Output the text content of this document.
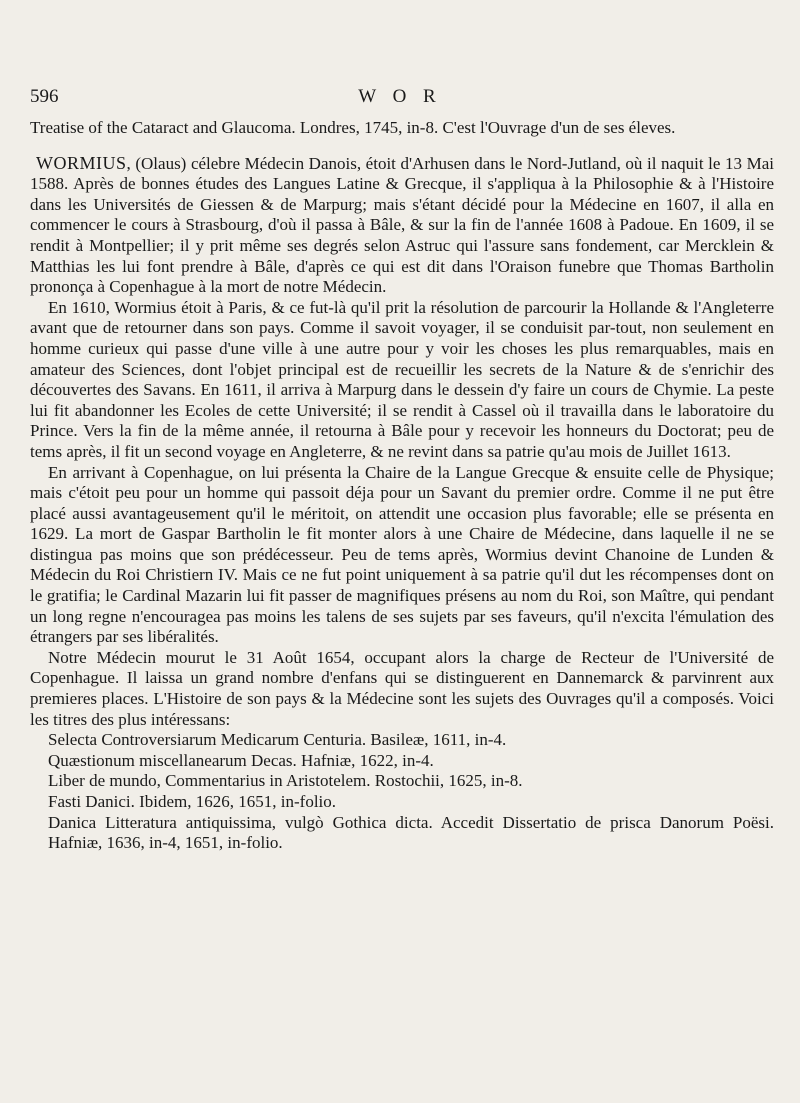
596	W O R

Treatise of the Cataract and Glaucoma. Londres, 1745, in-8. C'est l'Ouvrage d'un de ses éleves.

WORMIUS, (Olaus) célebre Médecin Danois, étoit d'Arhusen dans le Nord-Jutland, où il naquit le 13 Mai 1588. Après de bonnes études des Langues Latine & Grecque, il s'appliqua à la Philosophie & à l'Histoire dans les Universités de Giessen & de Marpurg; mais s'étant décidé pour la Médecine en 1607, il alla en commencer le cours à Strasbourg, d'où il passa à Bâle, & sur la fin de l'année 1608 à Padoue. En 1609, il se rendit à Montpellier; il y prit même ses degrés selon Astruc qui l'assure sans fondement, car Mercklein & Matthias les lui font prendre à Bâle, d'après ce qui est dit dans l'Oraison funebre que Thomas Bartholin prononça à Copenhague à la mort de notre Médecin.

En 1610, Wormius étoit à Paris, & ce fut-là qu'il prit la résolution de parcourir la Hollande & l'Angleterre avant que de retourner dans son pays. Comme il savoit voyager, il se conduisit par-tout, non seulement en homme curieux qui passe d'une ville à une autre pour y voir les choses les plus remarquables, mais en amateur des Sciences, dont l'objet principal est de recueillir les secrets de la Nature & de s'enrichir des découvertes des Savans. En 1611, il arriva à Marpurg dans le dessein d'y faire un cours de Chymie. La peste lui fit abandonner les Ecoles de cette Université; il se rendit à Cassel où il travailla dans le laboratoire du Prince. Vers la fin de la même année, il retourna à Bâle pour y recevoir les honneurs du Doctorat; peu de tems après, il fit un second voyage en Angleterre, & ne revint dans sa patrie qu'au mois de Juillet 1613.

En arrivant à Copenhague, on lui présenta la Chaire de la Langue Grecque & ensuite celle de Physique; mais c'étoit peu pour un homme qui passoit déja pour un Savant du premier ordre. Comme il ne put être placé aussi avantageusement qu'il le méritoit, on attendit une occasion plus favorable; elle se présenta en 1629. La mort de Gaspar Bartholin le fit monter alors à une Chaire de Médecine, dans laquelle il ne se distingua pas moins que son prédécesseur. Peu de tems après, Wormius devint Chanoine de Lunden & Médecin du Roi Christiern IV. Mais ce ne fut point uniquement à sa patrie qu'il dut les récompenses dont on le gratifia; le Cardinal Mazarin lui fit passer de magnifiques présens au nom du Roi, son Maître, qui pendant un long regne n'encouragea pas moins les talens de ses sujets par ses faveurs, qu'il n'excita l'émulation des étrangers par ses libéralités.

Notre Médecin mourut le 31 Août 1654, occupant alors la charge de Recteur de l'Université de Copenhague. Il laissa un grand nombre d'enfans qui se distinguerent en Dannemarck & parvinrent aux premieres places. L'Histoire de son pays & la Médecine sont les sujets des Ouvrages qu'il a composés. Voici les titres des plus intéressans:

Selecta Controversiarum Medicarum Centuria. Basileæ, 1611, in-4.
Quæstionum miscellanearum Decas. Hafniæ, 1622, in-4.
Liber de mundo, Commentarius in Aristotelem. Rostochii, 1625, in-8.
Fasti Danici. Ibidem, 1626, 1651, in-folio.
Danica Litteratura antiquissima, vulgò Gothica dicta. Accedit Dissertatio de prisca Danorum Poësi. Hafniæ, 1636, in-4, 1651, in-folio.
